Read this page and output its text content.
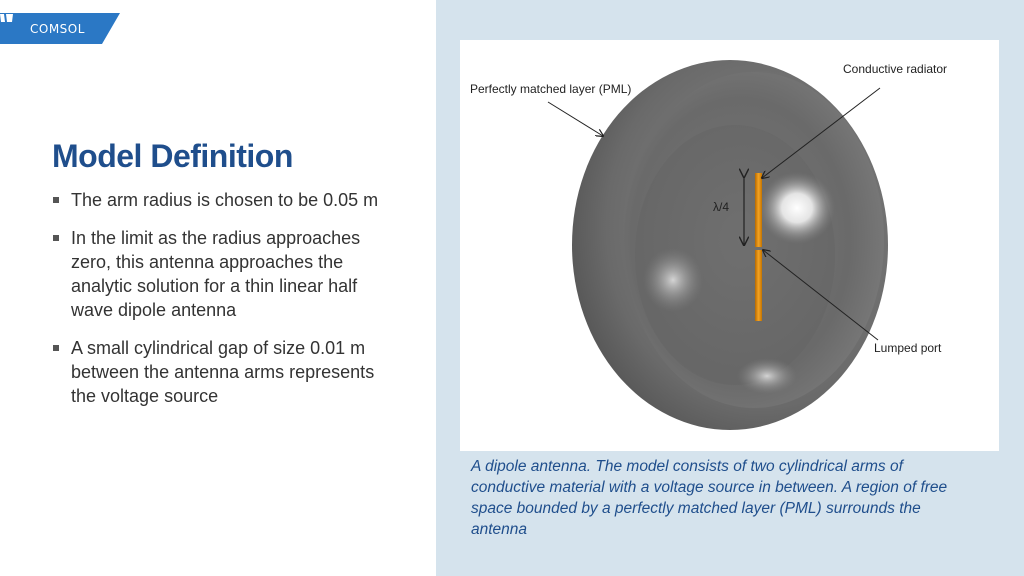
COMSOL
Model Definition
The arm radius is chosen to be 0.05 m
In the limit as the radius approaches zero, this antenna approaches the analytic solution for a thin linear half wave dipole antenna
A small cylindrical gap of size 0.01 m between the antenna arms represents the voltage source
Perfectly matched layer (PML)
Conductive radiator
λ/4
Lumped port

A dipole antenna. The model consists of two cylindrical arms of conductive material with a voltage source in between. A region of free space bounded by a perfectly matched layer (PML) surrounds the antenna
